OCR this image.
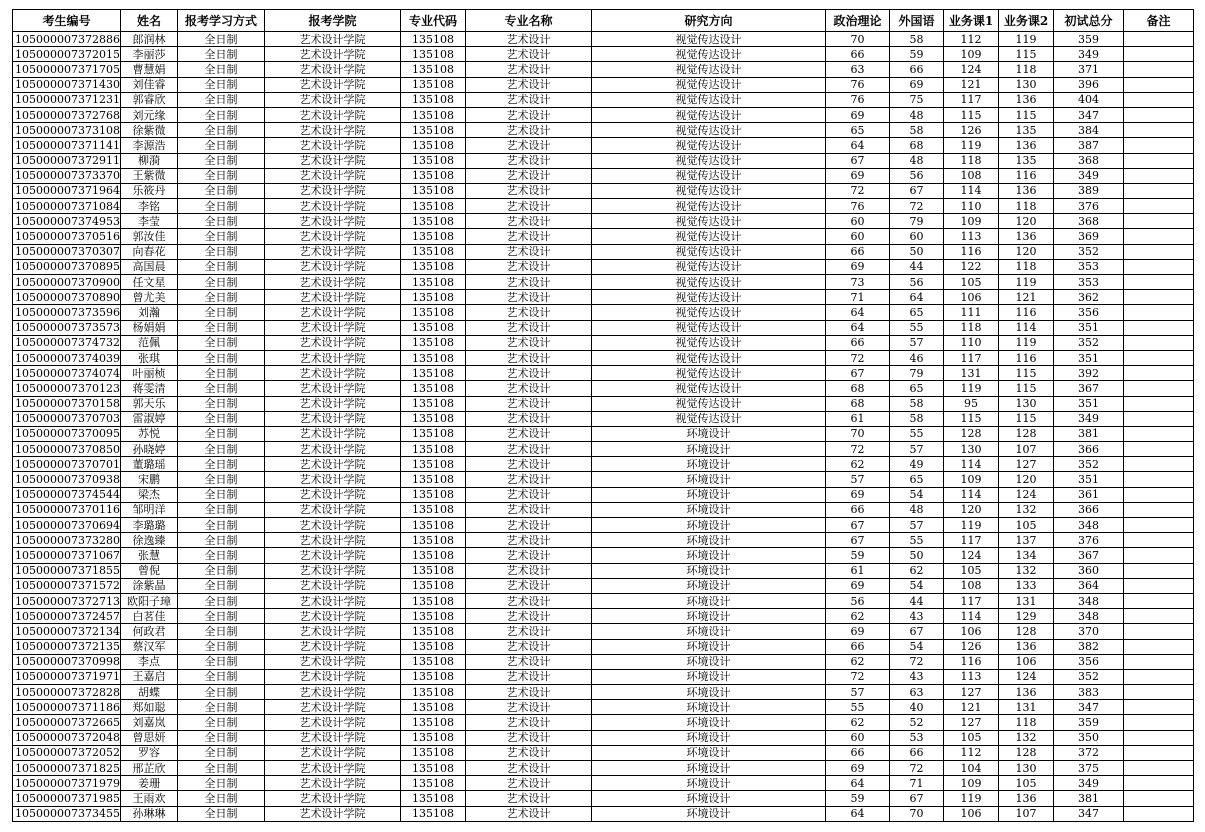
考生编号	姓名	报考学习方式	报考学院	专业代码	专业名称	研究方向	政治理论	外国语	业务课1	业务课2	初试总分	备注
105000007372886	郎润林	全日制	艺术设计学院	135108	艺术设计	视觉传达设计	70	58	112	119	359	
105000007372015	李丽莎	全日制	艺术设计学院	135108	艺术设计	视觉传达设计	66	59	109	115	349	
105000007371705	曹慧娟	全日制	艺术设计学院	135108	艺术设计	视觉传达设计	63	66	124	118	371	
105000007371430	刘佳睿	全日制	艺术设计学院	135108	艺术设计	视觉传达设计	76	69	121	130	396	
105000007371231	郭睿欣	全日制	艺术设计学院	135108	艺术设计	视觉传达设计	76	75	117	136	404	
105000007372768	刘元缘	全日制	艺术设计学院	135108	艺术设计	视觉传达设计	69	48	115	115	347	
105000007373108	徐紫微	全日制	艺术设计学院	135108	艺术设计	视觉传达设计	65	58	126	135	384	
105000007371141	李源浩	全日制	艺术设计学院	135108	艺术设计	视觉传达设计	64	68	119	136	387	
105000007372911	柳漪	全日制	艺术设计学院	135108	艺术设计	视觉传达设计	67	48	118	135	368	
105000007373370	王紫微	全日制	艺术设计学院	135108	艺术设计	视觉传达设计	69	56	108	116	349	
105000007371964	乐筱丹	全日制	艺术设计学院	135108	艺术设计	视觉传达设计	72	67	114	136	389	
105000007371084	李铭	全日制	艺术设计学院	135108	艺术设计	视觉传达设计	76	72	110	118	376	
105000007374953	李莹	全日制	艺术设计学院	135108	艺术设计	视觉传达设计	60	79	109	120	368	
105000007370516	郭汝佳	全日制	艺术设计学院	135108	艺术设计	视觉传达设计	60	60	113	136	369	
105000007370307	向春花	全日制	艺术设计学院	135108	艺术设计	视觉传达设计	66	50	116	120	352	
105000007370895	高国晨	全日制	艺术设计学院	135108	艺术设计	视觉传达设计	69	44	122	118	353	
105000007370900	任文星	全日制	艺术设计学院	135108	艺术设计	视觉传达设计	73	56	105	119	353	
105000007370890	曾尤美	全日制	艺术设计学院	135108	艺术设计	视觉传达设计	71	64	106	121	362	
105000007373596	刘瀚	全日制	艺术设计学院	135108	艺术设计	视觉传达设计	64	65	111	116	356	
105000007373573	杨娟娟	全日制	艺术设计学院	135108	艺术设计	视觉传达设计	64	55	118	114	351	
105000007374732	范佩	全日制	艺术设计学院	135108	艺术设计	视觉传达设计	66	57	110	119	352	
105000007374039	张琪	全日制	艺术设计学院	135108	艺术设计	视觉传达设计	72	46	117	116	351	
105000007374074	叶丽桢	全日制	艺术设计学院	135108	艺术设计	视觉传达设计	67	79	131	115	392	
105000007370123	蒋雯清	全日制	艺术设计学院	135108	艺术设计	视觉传达设计	68	65	119	115	367	
105000007370158	郭天乐	全日制	艺术设计学院	135108	艺术设计	视觉传达设计	68	58	95	130	351	
105000007370703	雷淑婷	全日制	艺术设计学院	135108	艺术设计	视觉传达设计	61	58	115	115	349	
105000007370095	苏悦	全日制	艺术设计学院	135108	艺术设计	环境设计	70	55	128	128	381	
105000007370850	孙晓婷	全日制	艺术设计学院	135108	艺术设计	环境设计	72	57	130	107	366	
105000007370701	董璐瑶	全日制	艺术设计学院	135108	艺术设计	环境设计	62	49	114	127	352	
105000007370938	宋鹏	全日制	艺术设计学院	135108	艺术设计	环境设计	57	65	109	120	351	
105000007374544	梁杰	全日制	艺术设计学院	135108	艺术设计	环境设计	69	54	114	124	361	
105000007370116	邹明洋	全日制	艺术设计学院	135108	艺术设计	环境设计	66	48	120	132	366	
105000007370694	李璐璐	全日制	艺术设计学院	135108	艺术设计	环境设计	67	57	119	105	348	
105000007373280	徐逸臻	全日制	艺术设计学院	135108	艺术设计	环境设计	67	55	117	137	376	
105000007371067	张慧	全日制	艺术设计学院	135108	艺术设计	环境设计	59	50	124	134	367	
105000007371855	曾倪	全日制	艺术设计学院	135108	艺术设计	环境设计	61	62	105	132	360	
105000007371572	涂紫晶	全日制	艺术设计学院	135108	艺术设计	环境设计	69	54	108	133	364	
105000007372713	欧阳子璋	全日制	艺术设计学院	135108	艺术设计	环境设计	56	44	117	131	348	
105000007372457	白茗佳	全日制	艺术设计学院	135108	艺术设计	环境设计	62	43	114	129	348	
105000007372134	何政君	全日制	艺术设计学院	135108	艺术设计	环境设计	69	67	106	128	370	
105000007372135	蔡汉军	全日制	艺术设计学院	135108	艺术设计	环境设计	66	54	126	136	382	
105000007370998	李点	全日制	艺术设计学院	135108	艺术设计	环境设计	62	72	116	106	356	
105000007371971	王嘉启	全日制	艺术设计学院	135108	艺术设计	环境设计	72	43	113	124	352	
105000007372828	胡蝶	全日制	艺术设计学院	135108	艺术设计	环境设计	57	63	127	136	383	
105000007371186	郑如聪	全日制	艺术设计学院	135108	艺术设计	环境设计	55	40	121	131	347	
105000007372665	刘嘉岚	全日制	艺术设计学院	135108	艺术设计	环境设计	62	52	127	118	359	
105000007372048	曾思妍	全日制	艺术设计学院	135108	艺术设计	环境设计	60	53	105	132	350	
105000007372052	罗容	全日制	艺术设计学院	135108	艺术设计	环境设计	66	66	112	128	372	
105000007371825	邢芷欣	全日制	艺术设计学院	135108	艺术设计	环境设计	69	72	104	130	375	
105000007371979	姜珊	全日制	艺术设计学院	135108	艺术设计	环境设计	64	71	109	105	349	
105000007371985	王雨欢	全日制	艺术设计学院	135108	艺术设计	环境设计	59	67	119	136	381	
105000007373455	孙琳琳	全日制	艺术设计学院	135108	艺术设计	环境设计	64	70	106	107	347	
